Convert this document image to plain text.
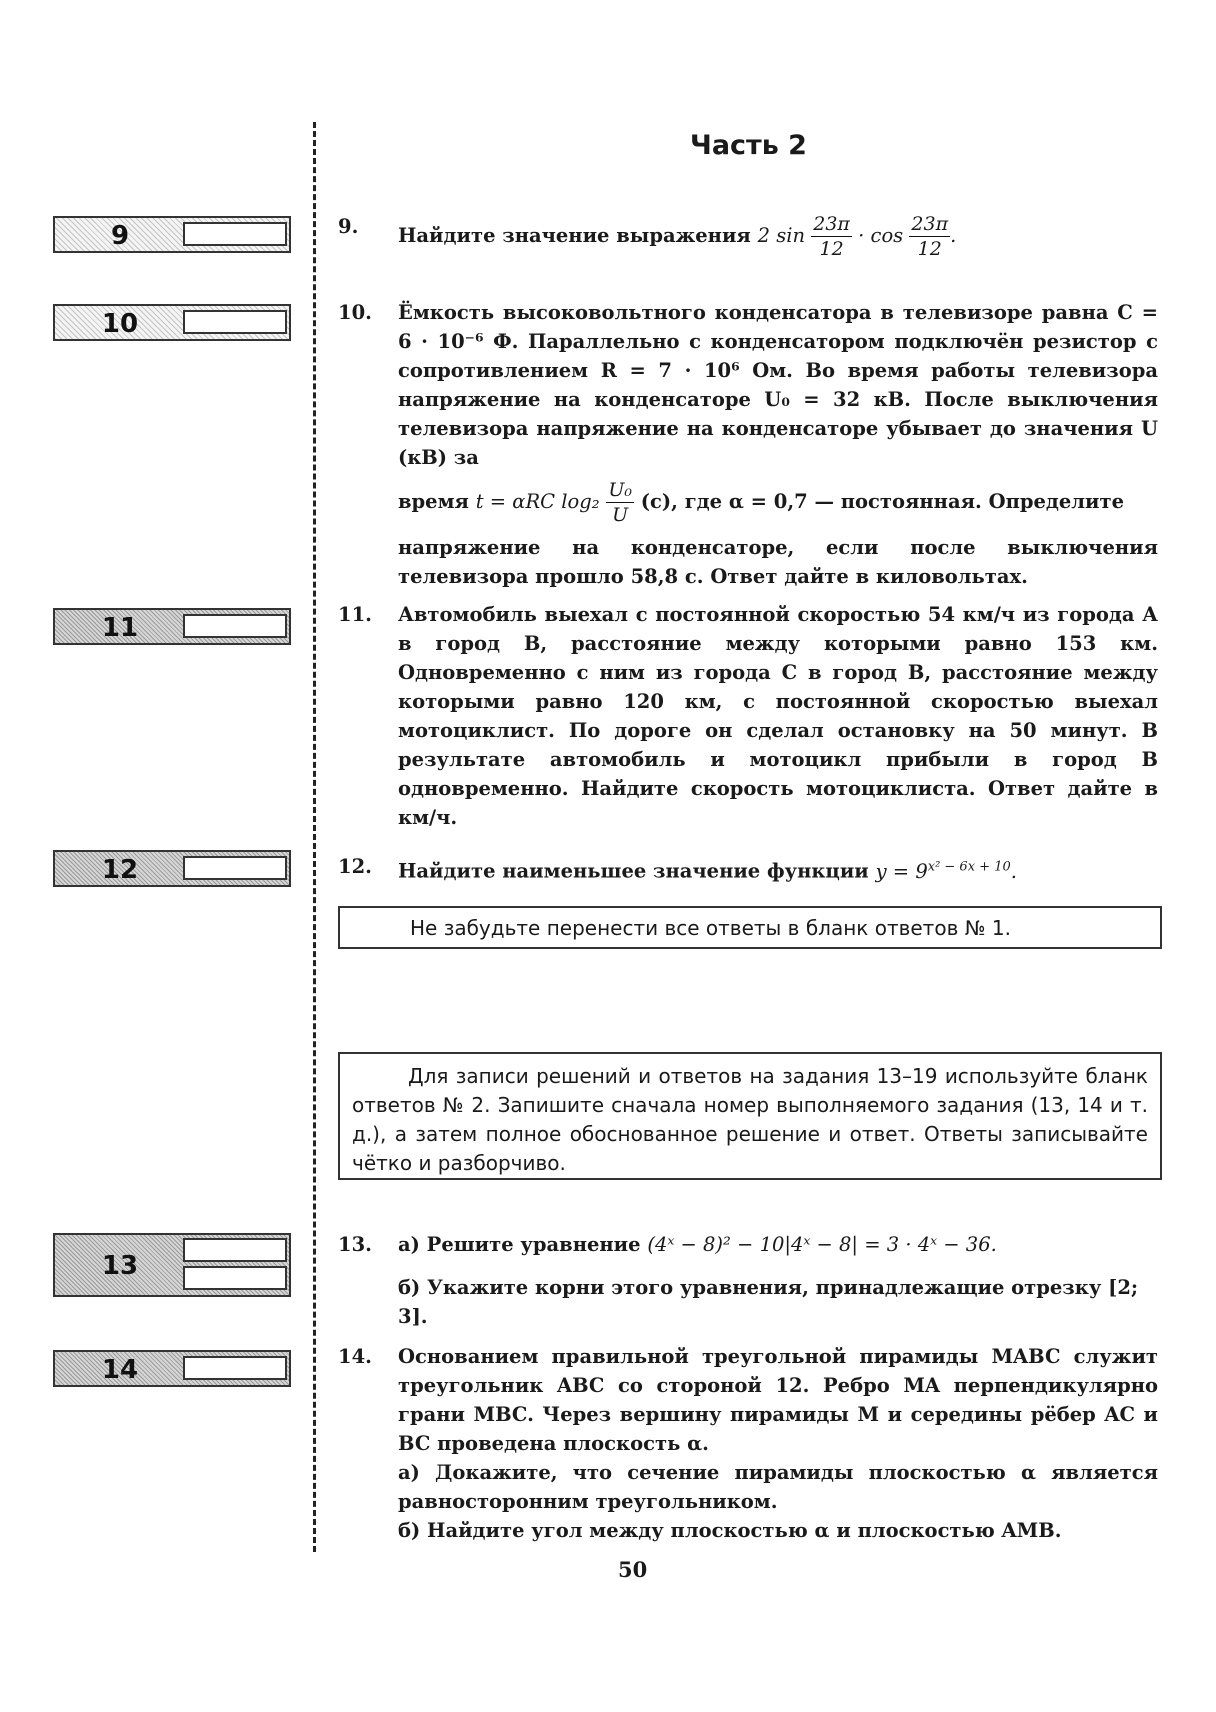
Часть 2
9
10
11
12
13
14
9. Найдите значение выражения 2 $\sin \frac{23\pi}{12} \cdot \cos \frac{23\pi}{12}$ .
10. Ёмкость высоковольтного конденсатора в телевизоре равна C = 6 · 10⁻⁶ Ф. Параллельно с конденсатором подключён резистор с сопротивлением R = 7 · 10⁶ Ом. Во время работы телевизора напряжение на конденсаторе U₀ = 32 кВ. После выключения телевизора напряжение на конденсаторе убывает до значения U (кВ) за

время t = αRC $\log_2 \frac{\text{U₀}}{U} (с)$, где α = 0,7 — постоянная. Определите

напряжение на конденсаторе, если после выключения телевизора прошло 58,8 с. Ответ дайте в киловольтах.

11. Автомобиль выехал с постоянной скоростью 54 км/ч из города А в город В, расстояние между которыми равно 153 км. Одновременно с ним из города С в город В, расстояние между которыми равно 120 км, с постоянной скоростью выехал мотоциклист. По дороге он сделал остановку на 50 минут. В результате автомобиль и мотоцикл прибыли в город В одновременно. Найдите скорость мотоциклиста. Ответ дайте в км/ч.

12. Найдите наименьшее значение функции $y = 9^{x^2 - 6x + 10}$.
Не забудьте перенести все ответы в бланк ответов № 1.
Для записи решений и ответов на задания 13–19 используйте бланк ответов № 2. Запишите сначала номер выполняемого задания (13, 14 и т. д.), а затем полное обоснованное решение и ответ. Ответы записывайте чётко и разборчиво.
13. а) Решите уравнение (4ˣ − 8)² − 10|4ˣ − 8| = 3 · 4ˣ − 36.

б) Укажите корни этого уравнения, принадлежащие отрезку [2; 3].

14. Основанием правильной треугольной пирамиды MABC служит треугольник ABC со стороной 12. Ребро MA перпендикулярно грани MBC. Через вершину пирамиды M и середины рёбер AC и BC проведена плоскость α.

а) Докажите, что сечение пирамиды плоскостью α является равносторонним треугольником.

б) Найдите угол между плоскостью α и плоскостью AMB.

50
